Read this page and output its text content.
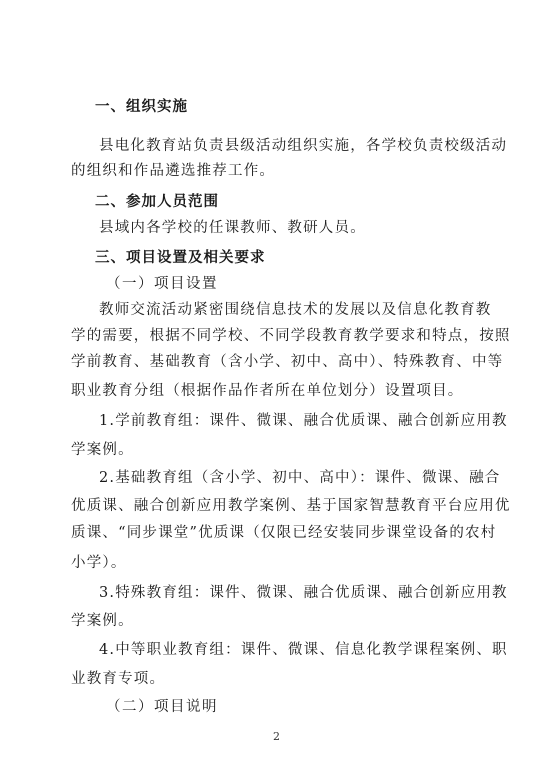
一、组织实施
县电化教育站负责县级活动组织实施，各学校负责校级活动
的组织和作品遴选推荐工作。
二、参加人员范围
县域内各学校的任课教师、教研人员。
三、项目设置及相关要求
（一）项目设置
教师交流活动紧密围绕信息技术的发展以及信息化教育教
学的需要，根据不同学校、不同学段教育教学要求和特点，按照
学前教育、基础教育（含小学、初中、高中）、特殊教育、中等
职业教育分组（根据作品作者所在单位划分）设置项目。
1.学前教育组：课件、微课、融合优质课、融合创新应用教
学案例。
2.基础教育组（含小学、初中、高中）：课件、微课、融合
优质课、融合创新应用教学案例、基于国家智慧教育平台应用优
质课、“同步课堂”优质课（仅限已经安装同步课堂设备的农村
小学）。
3.特殊教育组：课件、微课、融合优质课、融合创新应用教
学案例。
4.中等职业教育组：课件、微课、信息化教学课程案例、职
业教育专项。
（二）项目说明
2
